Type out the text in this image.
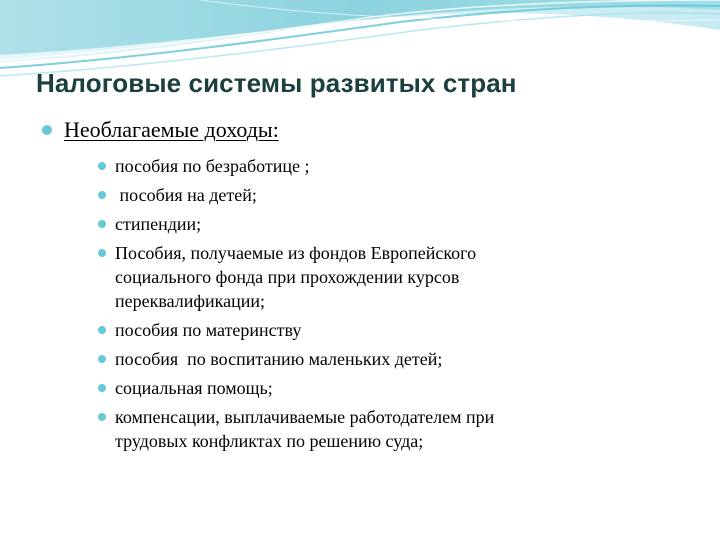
Налоговые системы развитых стран
Необлагаемые доходы:
пособия по безработице ;
пособия на детей;
стипендии;
Пособия, получаемые из фондов Европейского
социального фонда при прохождении курсов
переквалификации;
пособия по материнству
пособия  по воспитанию маленьких детей;
социальная помощь;
компенсации, выплачиваемые работодателем при
трудовых конфликтах по решению суда;
